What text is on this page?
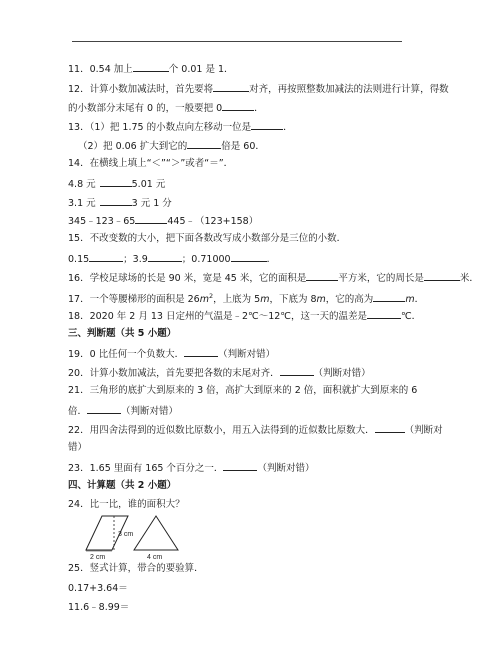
11．0.54 加上	个 0.01 是 1．
12．计算小数加减法时，首先要将	对齐，再按照整数加减法的法则进行计算，得数
的小数部分末尾有 0 的，一般要把 0	．
13．（1）把 1.75 的小数点向左移动一位是	．
（2）把 0.06 扩大到它的	倍是 60．
14．在横线上填上“＜”“＞”或者“＝”．
4.8 元	5.01 元
3.1 元	3 元 1 分
345﹣123﹣65	445﹣（123+158）
15．不改变数的大小，把下面各数改写成小数部分是三位的小数．
0.15	；3.9	；0.71000	．
16．学校足球场的长是 90 米，宽是 45 米，它的面积是	平方米，它的周长是	米．
17．一个等腰梯形的面积是 $26m^2$，上底为 5m，下底为 8m，它的高为	m．
18．2020 年 2 月 13 日定州的气温是﹣2℃～12℃，这一天的温差是	℃．
三、判断题（共 5 小题）
19．0 比任何一个负数大．	（判断对错）
20．计算小数加减法，首先要把各数的末尾对齐．	（判断对错）
21．三角形的底扩大到原来的 3 倍，高扩大到原来的 2 倍，面积就扩大到原来的 6
倍．	（判断对错）
22．用四舍法得到的近似数比原数小，用五入法得到的近似数比原数大．	（判断对
错）
23．1.65 里面有 165 个百分之一．	（判断对错）
四、计算题（共 2 小题）
24．比一比，谁的面积大？
3 cm
2 cm	4 cm
25．竖式计算，带合的要验算．
0.17+3.64＝
11.6﹣8.99＝
